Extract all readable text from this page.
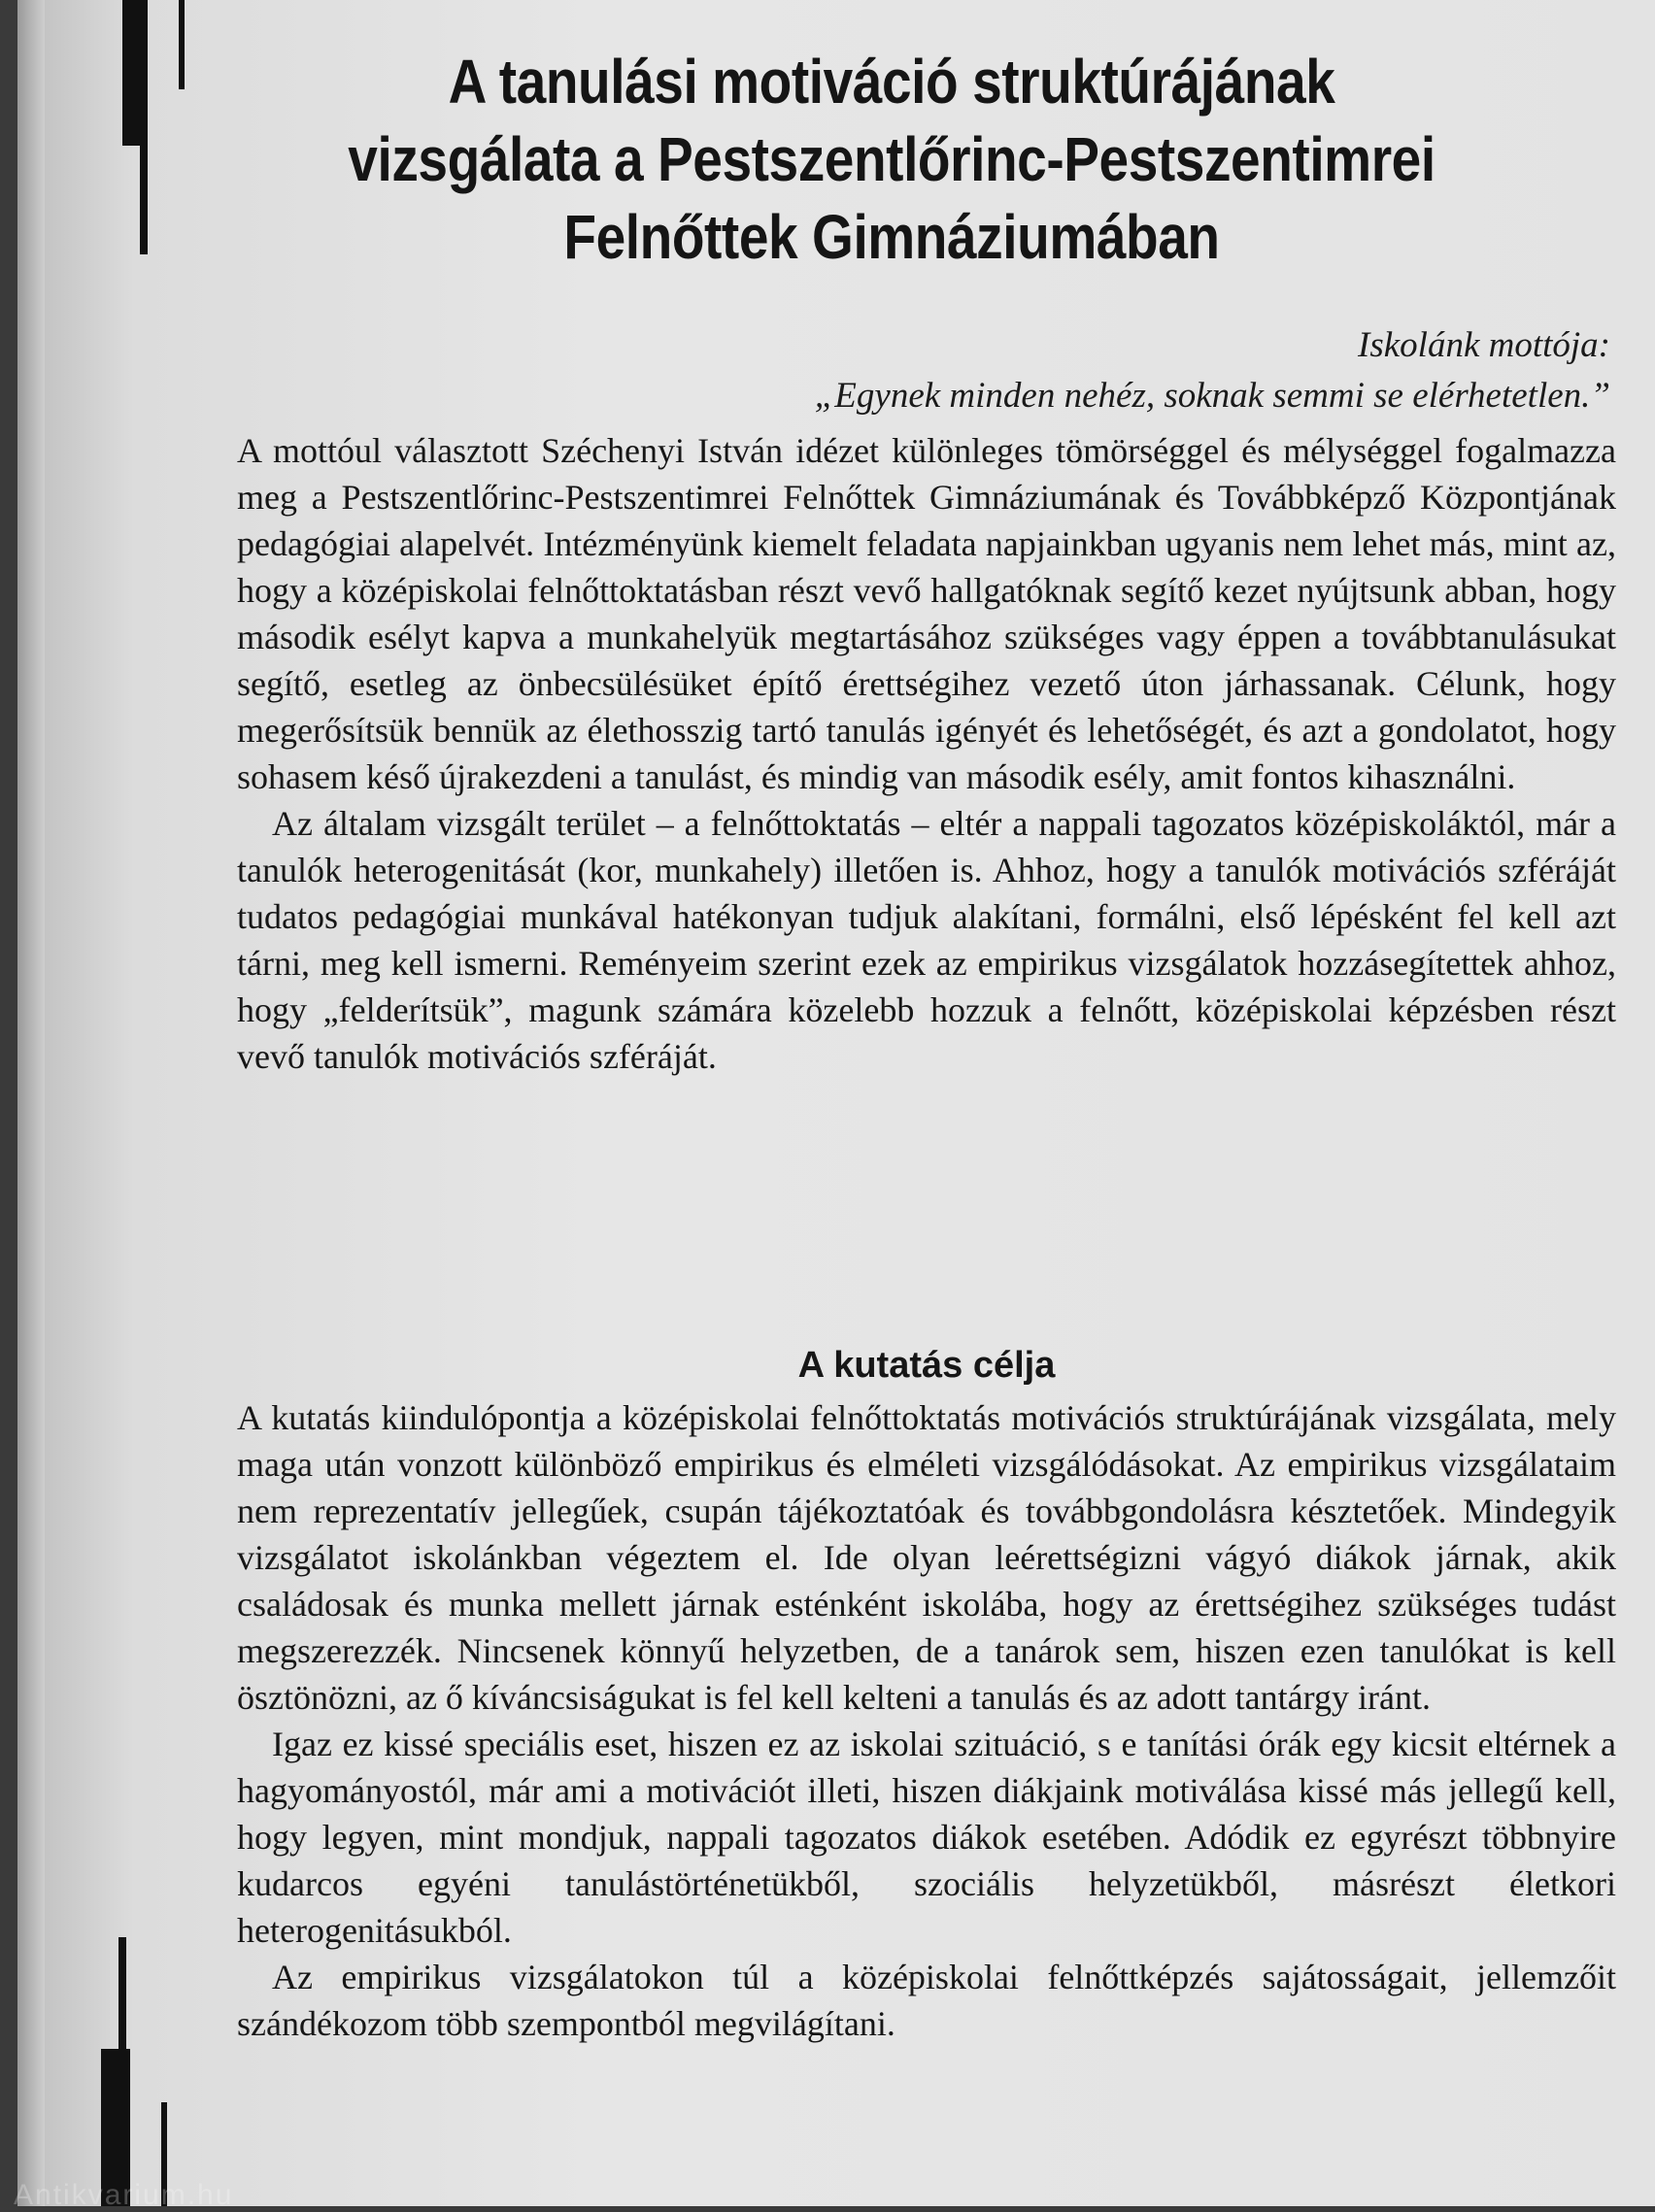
A tanulási motiváció struktúrájának
vizsgálata a Pestszentlőrinc-Pestszentimrei
Felnőttek Gimnáziumában
Iskolánk mottója:
„Egynek minden nehéz, soknak semmi se elérhetetlen.”

A mottóul választott Széchenyi István idézet különleges tömörséggel és mélységgel fogalmazza meg a Pestszentlőrinc-Pestszentimrei Felnőttek Gimnáziumának és Továbbképző Központjának pedagógiai alapelvét. Intézményünk kiemelt feladata napjainkban ugyanis nem lehet más, mint az, hogy a középiskolai felnőttoktatásban részt vevő hallgatóknak segítő kezet nyújtsunk abban, hogy második esélyt kapva a munkahelyük megtartásához szükséges vagy éppen a továbbtanulásukat segítő, esetleg az önbecsülésüket építő érettségihez vezető úton járhassanak. Célunk, hogy megerősítsük bennük az élethosszig tartó tanulás igényét és lehetőségét, és azt a gondolatot, hogy sohasem késő újrakezdeni a tanulást, és mindig van második esély, amit fontos kihasználni.

Az általam vizsgált terület – a felnőttoktatás – eltér a nappali tagozatos középiskoláktól, már a tanulók heterogenitását (kor, munkahely) illetően is. Ahhoz, hogy a tanulók motivációs szféráját tudatos pedagógiai munkával hatékonyan tudjuk alakítani, formálni, első lépésként fel kell azt tárni, meg kell ismerni. Reményeim szerint ezek az empirikus vizsgálatok hozzásegítettek ahhoz, hogy „felderítsük”, magunk számára közelebb hozzuk a felnőtt, középiskolai képzésben részt vevő tanulók motivációs szféráját.

A kutatás célja

A kutatás kiindulópontja a középiskolai felnőttoktatás motivációs struktúrájának vizsgálata, mely maga után vonzott különböző empirikus és elméleti vizsgálódásokat. Az empirikus vizsgálataim nem reprezentatív jellegűek, csupán tájékoztatóak és továbbgondolásra késztetőek. Mindegyik vizsgálatot iskolánkban végeztem el. Ide olyan leérettségizni vágyó diákok járnak, akik családosak és munka mellett járnak esténként iskolába, hogy az érettségihez szükséges tudást megszerezzék. Nincsenek könnyű helyzetben, de a tanárok sem, hiszen ezen tanulókat is kell ösztönözni, az ő kíváncsiságukat is fel kell kelteni a tanulás és az adott tantárgy iránt.

Igaz ez kissé speciális eset, hiszen ez az iskolai szituáció, s e tanítási órák egy kicsit eltérnek a hagyományostól, már ami a motivációt illeti, hiszen diákjaink motiválása kissé más jellegű kell, hogy legyen, mint mondjuk, nappali tagozatos diákok esetében. Adódik ez egyrészt többnyire kudarcos egyéni tanulástörténetükből, szociális helyzetükből, másrészt életkori heterogenitásukból.

Az empirikus vizsgálatokon túl a középiskolai felnőttképzés sajátosságait, jellemzőit szándékozom több szempontból megvilágítani.

Antikvarium.hu
